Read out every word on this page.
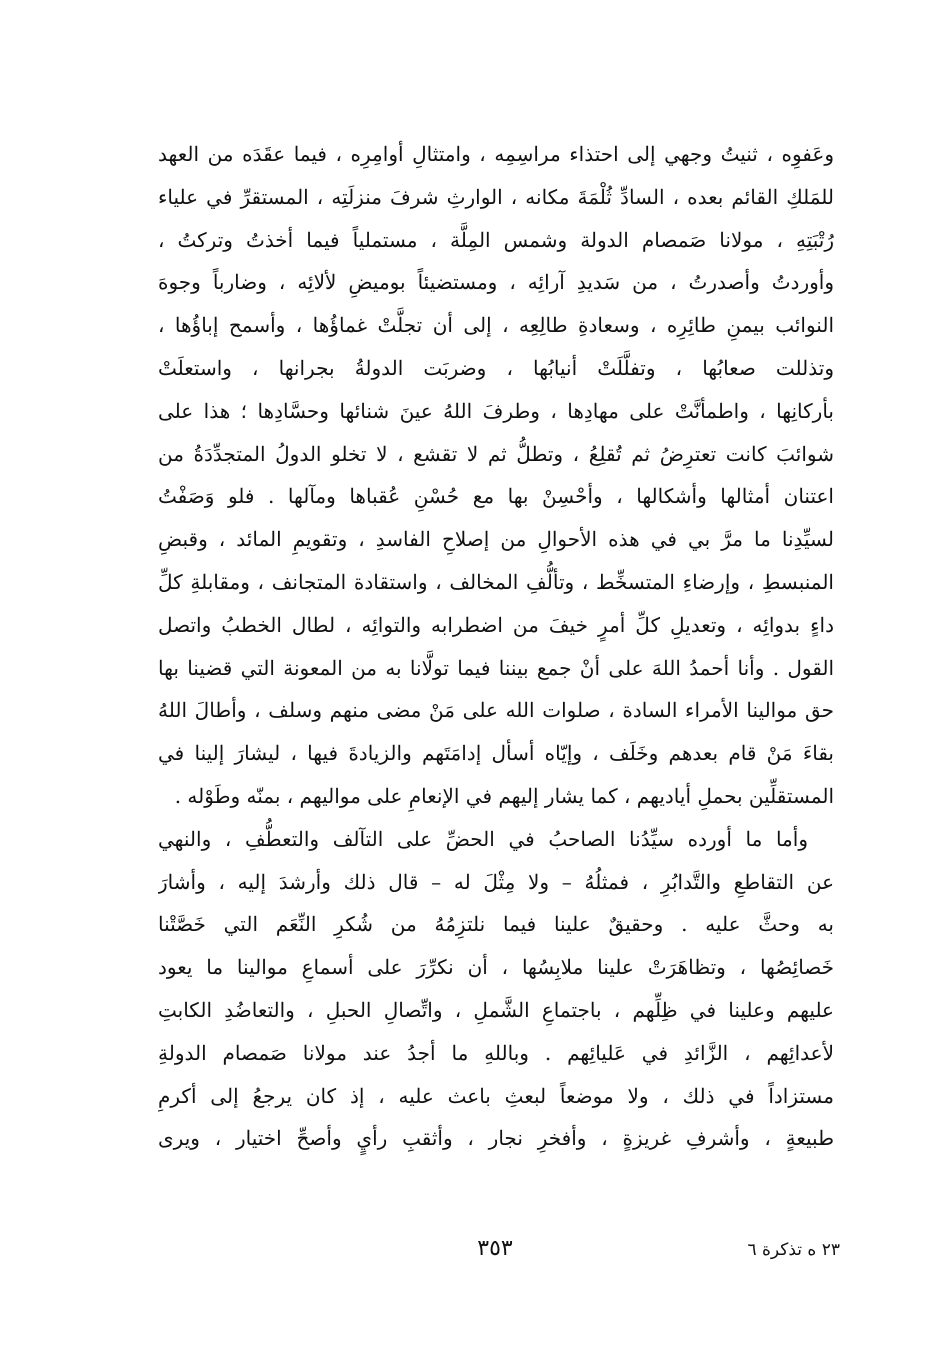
وعَفوِه ، ثنيتُ وجهي إلى احتذاء مراسِمِه ، وامتثالِ أوامِرِه ، فيما عقَدَه من العهد
للمَلكِ القائم بعده ، السادِّ ثُلْمَةَ مكانه ، الوارثِ شرفَ منزلَتِه ، المستقرِّ في علياء
رُتْبَتِهِ ، مولانا صَمصام الدولة وشمس المِلَّة ، مستملياً فيما أخذتُ وتركتُ ،
وأوردتُ وأصدرتُ ، من سَديدِ آرائِه ، ومستضيئاً بوميضِ لألائِه ، وضارباً وجوهَ
النوائب بيمنِ طائِرِه ، وسعادةِ طالِعِه ، إلى أن تجلَّتْ غماؤُها ، وأسمح إباؤُها ،
وتذللت صعابُها ، وتفلَّلَتْ أنيابُها ، وضربَت الدولةُ بجرانها ، واستعلَتْ
بأركانِها ، واطمأنَّتْ على مهادِها ، وطرفَ اللهُ عينَ شنائها وحسَّادِها ؛ هذا على
شوائبَ كانت تعترِضُ ثم تُقلِعُ ، وتطلُّ ثم لا تقشع ، لا تخلو الدولُ المتجدِّدَةُ من
اعتنان أمثالها وأشكالها ، وأحْسِنْ بها مع حُسْنِ عُقباها ومآلها . فلو وَصَفْتُ
لسيِّدِنا ما مرَّ بي في هذه الأحوالِ من إصلاحِ الفاسدِ ، وتقويمِ المائد ، وقبضِ
المنبسطِ ، وإرضاءِ المتسخِّط ، وتألُّفِ المخالف ، واستقادة المتجانف ، ومقابلةِ كلِّ
داءٍ بدوائِه ، وتعديلِ كلِّ أمرٍ خيفَ من اضطرابه والتوائِه ، لطال الخطبُ واتصل
القول . وأنا أحمدُ اللهَ على أنْ جمع بيننا فيما تولَّانا به من المعونة التي قضينا بها
حق موالينا الأمراء السادة ، صلوات الله على مَنْ مضى منهم وسلف ، وأطالَ اللهُ
بقاءَ مَنْ قام بعدهم وخَلَف ، وإيّاه أسأل إدامَتَهم والزيادةَ فيها ، ليشارَ إلينا في
المستقلِّين بحملِ أياديهم ، كما يشار إليهم في الإنعامِ على مواليهم ، بمنّه وطَوْله .
وأما ما أورده سيِّدُنا الصاحبُ في الحضِّ على التآلف والتعطُّفِ ، والنهي
عن التقاطعِ والتَّدابُرِ ، فمثلُهُ – ولا مِثْلَ له – قال ذلك وأرشدَ إليه ، وأشارَ
به وحثَّ عليه . وحقيقٌ علينا فيما نلتزِمُهُ من شُكرِ النِّعَم التي خَصَّتْنا
خَصائِصُها ، وتظاهَرَتْ علينا ملابِسُها ، أن نكرِّرَ على أسماعِ موالينا ما يعود
عليهم وعلينا في ظِلِّهم ، باجتماعِ الشَّملِ ، واتِّصالِ الحبلِ ، والتعاضُدِ الكابتِ
لأعدائِهم ، الزَّائدِ في عَليائِهم . وباللهِ ما أجدُ عند مولانا صَمصام الدولةِ
مستزاداً في ذلك ، ولا موضعاً لبعثِ باعث عليه ، إذ كان يرجعُ إلى أكرمِ
طبيعةٍ ، وأشرفِ غريزةٍ ، وأفخرِ نجار ، وأثقبِ رأيٍ وأصحِّ اختيار ، ويرى
٣٥٣	٢٣ ه تذكرة ٦
